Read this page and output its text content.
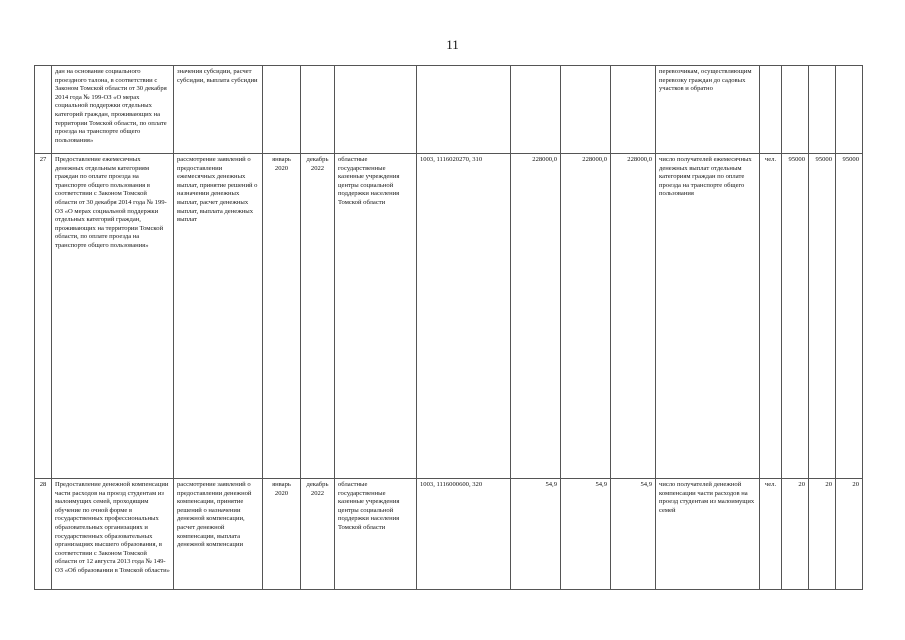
11
	дан на основание социального проездного талона, в соответствии с Законом Томской области от 30 декабря 2014 года № 199-ОЗ «О мерах социальной поддержки отдельных категорий граждан, проживающих на территории Томской области, по оплате проезда на транспорте общего пользования»	значения субсидии, расчет субсидии, выплата субсидии								перевозчикам, осуществляющим перевозку граждан до садовых участков и обратно				
27	Предоставление ежемесячных денежных отдельным категориям граждан по оплате проезда на транспорте общего пользования в соответствии с Законом Томской области от 30 декабря 2014 года № 199-ОЗ «О мерах социальной поддержки отдельных категорий граждан, проживающих на территории Томской области, по оплате проезда на транспорте общего пользования»	рассмотрение заявлений о предоставлении ежемесячных денежных выплат, принятие решений о назначении денежных выплат, расчет денежных выплат, выплата денежных выплат	январь 2020	декабрь 2022	областные государственные казенные учреждения центры социальной поддержки населения Томской области	1003, 1116020270, 310	228000,0	228000,0	228000,0	число получателей ежемесячных денежных выплат отдельным категориям граждан по оплате проезда на транспорте общего пользования	чел.	95000	95000	95000
28	Предоставление денежной компенсации части расходов на проезд студентам из малоимущих семей, проходящим обучение по очной форме в государственных профессиональных образовательных организациях и государственных образовательных организациях высшего образования, в соответствии с Законом Томской области от 12 августа 2013 года № 149-ОЗ «Об образовании в Томской области»	рассмотрение заявлений о предоставлении денежной компенсации, принятие решений о назначении денежной компенсации, расчет денежной компенсации, выплата денежной компенсации	январь 2020	декабрь 2022	областные государственные казенные учреждения центры социальной поддержки населения Томской области	1003, 1116000600, 320	54,9	54,9	54,9	число получателей денежной компенсации части расходов на проезд студентам из малоимущих семей	чел.	20	20	20
